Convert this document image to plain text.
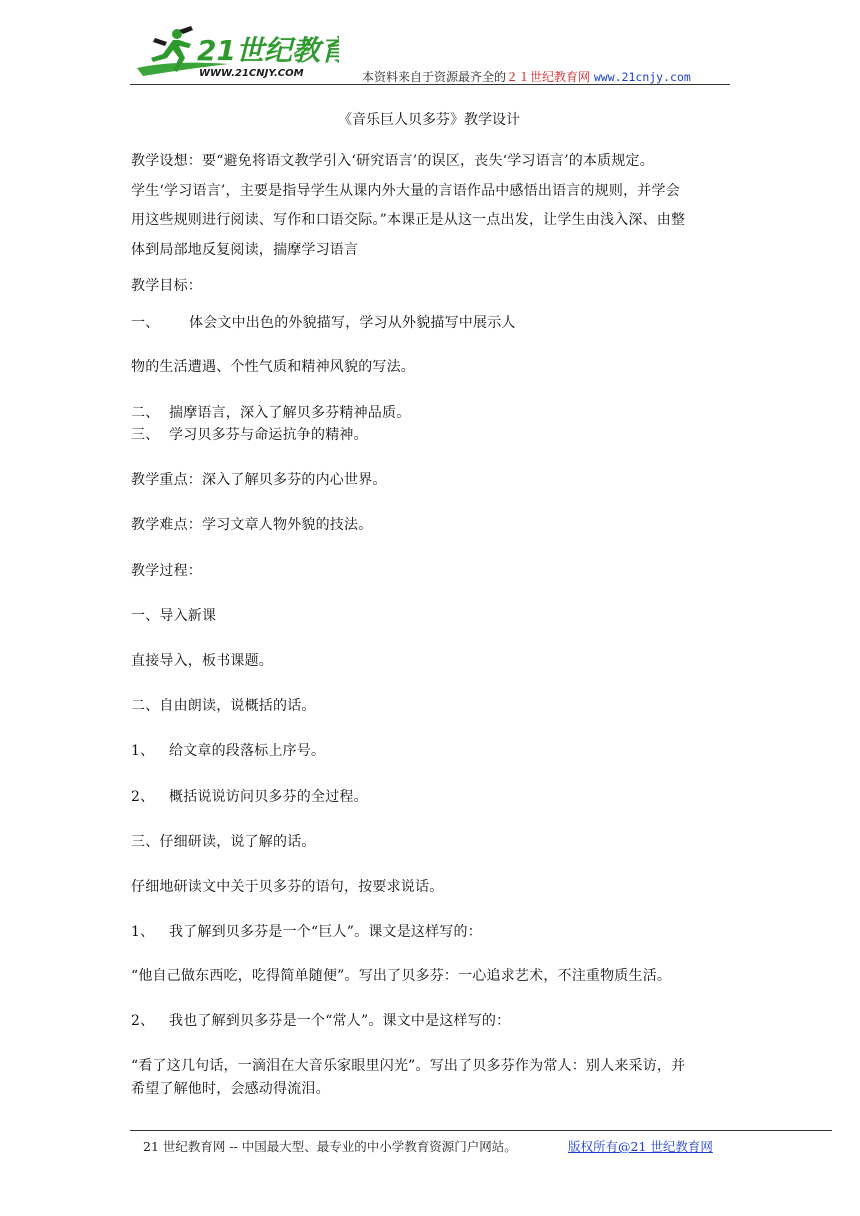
21世纪教育
WWW.21CNJY.COM	本资料来自于资源最齐全的２１世纪教育网 www.21cnjy.com
《音乐巨人贝多芬》教学设计
教学设想：要“避免将语文教学引入‘研究语言’的误区，丧失‘学习语言’的本质规定。
学生‘学习语言’，主要是指导学生从课内外大量的言语作品中感悟出语言的规则，并学会
用这些规则进行阅读、写作和口语交际。”本课正是从这一点出发，让学生由浅入深、由整
体到局部地反复阅读，揣摩学习语言
教学目标：
一、 体会文中出色的外貌描写，学习从外貌描写中展示人
物的生活遭遇、个性气质和精神风貌的写法。
二、 揣摩语言，深入了解贝多芬精神品质。
三、 学习贝多芬与命运抗争的精神。
教学重点：深入了解贝多芬的内心世界。
教学难点：学习文章人物外貌的技法。
教学过程：
一、导入新课
直接导入，板书课题。
二、自由朗读，说概括的话。
1、 给文章的段落标上序号。
2、 概括说说访问贝多芬的全过程。
三、仔细研读，说了解的话。
仔细地研读文中关于贝多芬的语句，按要求说话。
1、 我了解到贝多芬是一个“巨人”。课文是这样写的：
“他自己做东西吃，吃得简单随便”。写出了贝多芬：一心追求艺术，不注重物质生活。
2、 我也了解到贝多芬是一个“常人”。课文中是这样写的：
“看了这几句话，一滴泪在大音乐家眼里闪光”。写出了贝多芬作为常人：别人来采访，并
希望了解他时，会感动得流泪。
21 世纪教育网 -- 中国最大型、最专业的中小学教育资源门户网站。	版权所有@21 世纪教育网
